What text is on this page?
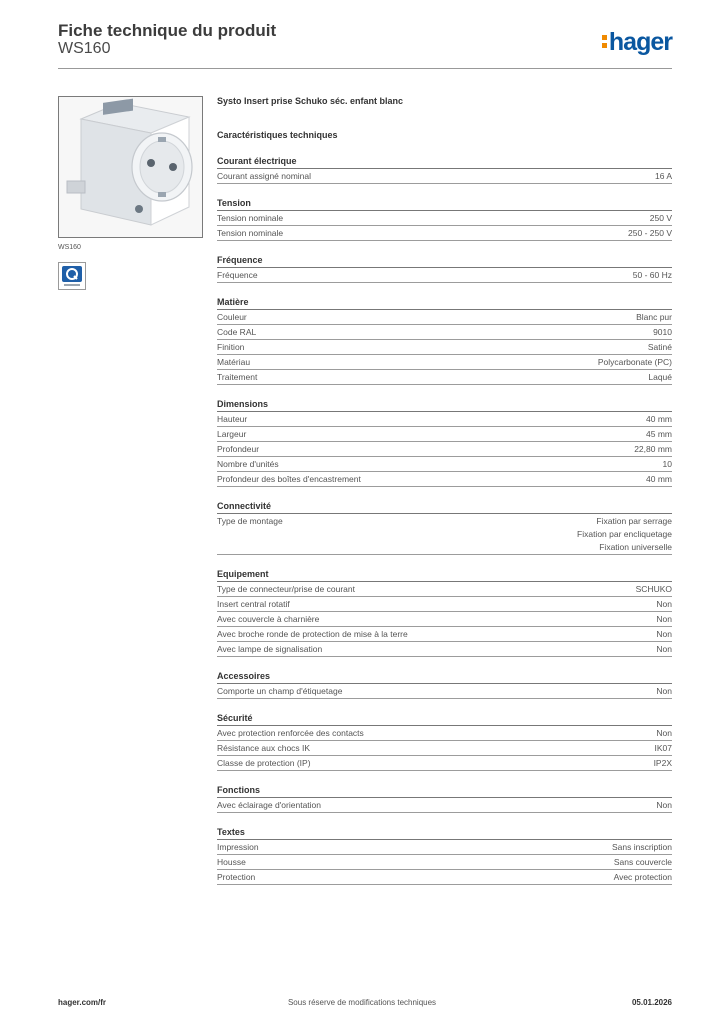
Fiche technique du produit
WS160	hager
WS160
Systo Insert prise Schuko séc. enfant blanc
Caractéristiques techniques
Courant électrique
Courant assigné nominal	16 A
Tension
Tension nominale	250 V
Tension nominale	250 - 250 V
Fréquence
Fréquence	50 - 60 Hz
Matière
Couleur	Blanc pur
Code RAL	9010
Finition	Satiné
Matériau	Polycarbonate (PC)
Traitement	Laqué
Dimensions
Hauteur	40 mm
Largeur	45 mm
Profondeur	22,80 mm
Nombre d'unités	10
Profondeur des boîtes d'encastrement	40 mm
Connectivité
Type de montage	Fixation par serrage
Fixation par encliquetage
Fixation universelle
Equipement
Type de connecteur/prise de courant	SCHUKO
Insert central rotatif	Non
Avec couvercle à charnière	Non
Avec broche ronde de protection de mise à la terre	Non
Avec lampe de signalisation	Non
Accessoires
Comporte un champ d'étiquetage	Non
Sécurité
Avec protection renforcée des contacts	Non
Résistance aux chocs IK	IK07
Classe de protection (IP)	IP2X
Fonctions
Avec éclairage d'orientation	Non
Textes
Impression	Sans inscription
Housse	Sans couvercle
Protection	Avec protection
hager.com/fr	Sous réserve de modifications techniques	05.01.2026
